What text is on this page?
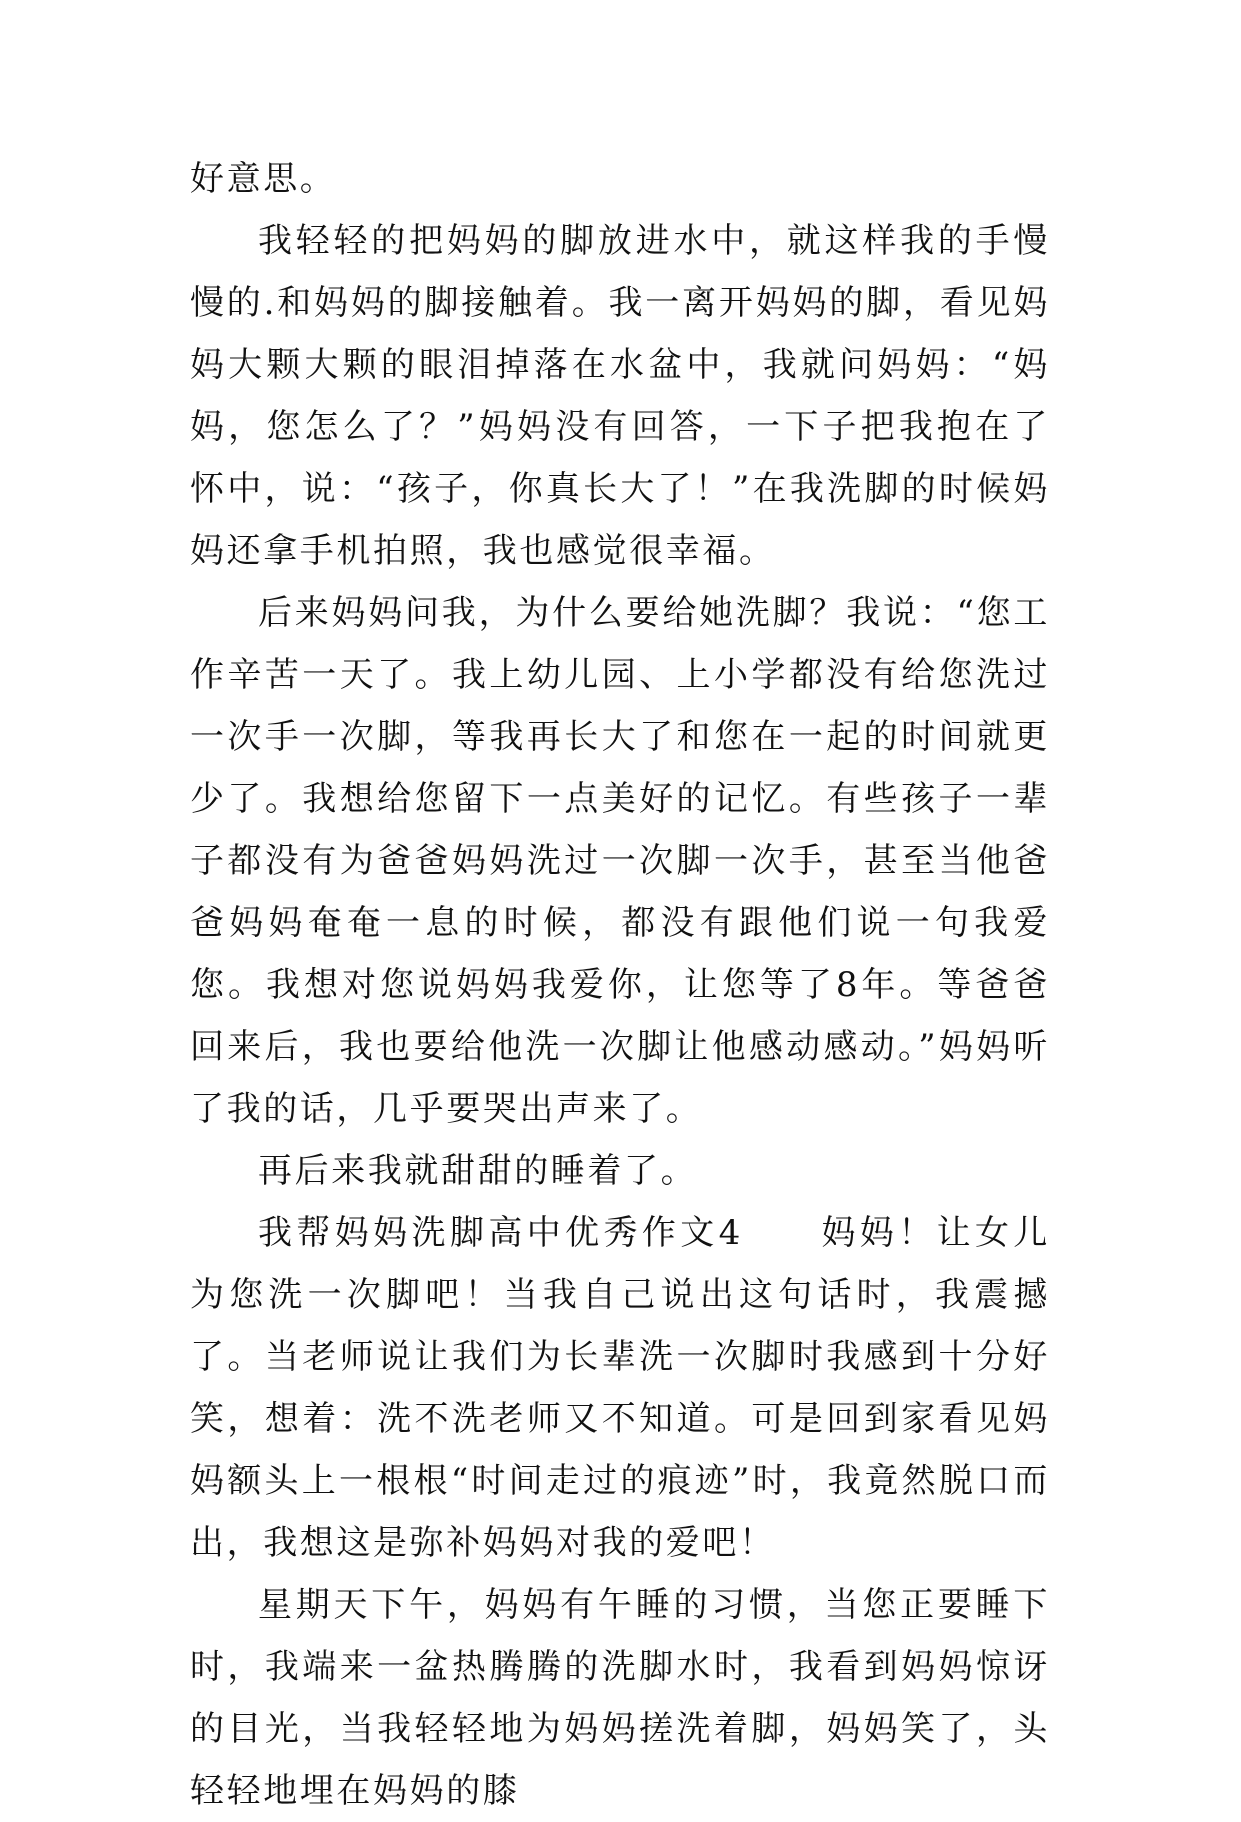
好意思。

我轻轻的把妈妈的脚放进水中，就这样我的手慢慢的.和妈妈的脚接触着。我一离开妈妈的脚，看见妈妈大颗大颗的眼泪掉落在水盆中，我就问妈妈：“妈妈，您怎么了？”妈妈没有回答，一下子把我抱在了怀中，说：“孩子，你真长大了！”在我洗脚的时候妈妈还拿手机拍照，我也感觉很幸福。

后来妈妈问我，为什么要给她洗脚？我说：“您工作辛苦一天了。我上幼儿园、上小学都没有给您洗过一次手一次脚，等我再长大了和您在一起的时间就更少了。我想给您留下一点美好的记忆。有些孩子一辈子都没有为爸爸妈妈洗过一次脚一次手，甚至当他爸爸妈妈奄奄一息的时候，都没有跟他们说一句我爱您。我想对您说妈妈我爱你，让您等了8年。等爸爸回来后，我也要给他洗一次脚让他感动感动。”妈妈听了我的话，几乎要哭出声来了。

再后来我就甜甜的睡着了。

我帮妈妈洗脚高中优秀作文4　　妈妈！让女儿为您洗一次脚吧！当我自己说出这句话时，我震撼了。当老师说让我们为长辈洗一次脚时我感到十分好笑，想着：洗不洗老师又不知道。可是回到家看见妈妈额头上一根根“时间走过的痕迹”时，我竟然脱口而出，我想这是弥补妈妈对我的爱吧！

星期天下午，妈妈有午睡的习惯，当您正要睡下时，我端来一盆热腾腾的洗脚水时，我看到妈妈惊讶的目光，当我轻轻地为妈妈搓洗着脚，妈妈笑了，头轻轻地埋在妈妈的膝
